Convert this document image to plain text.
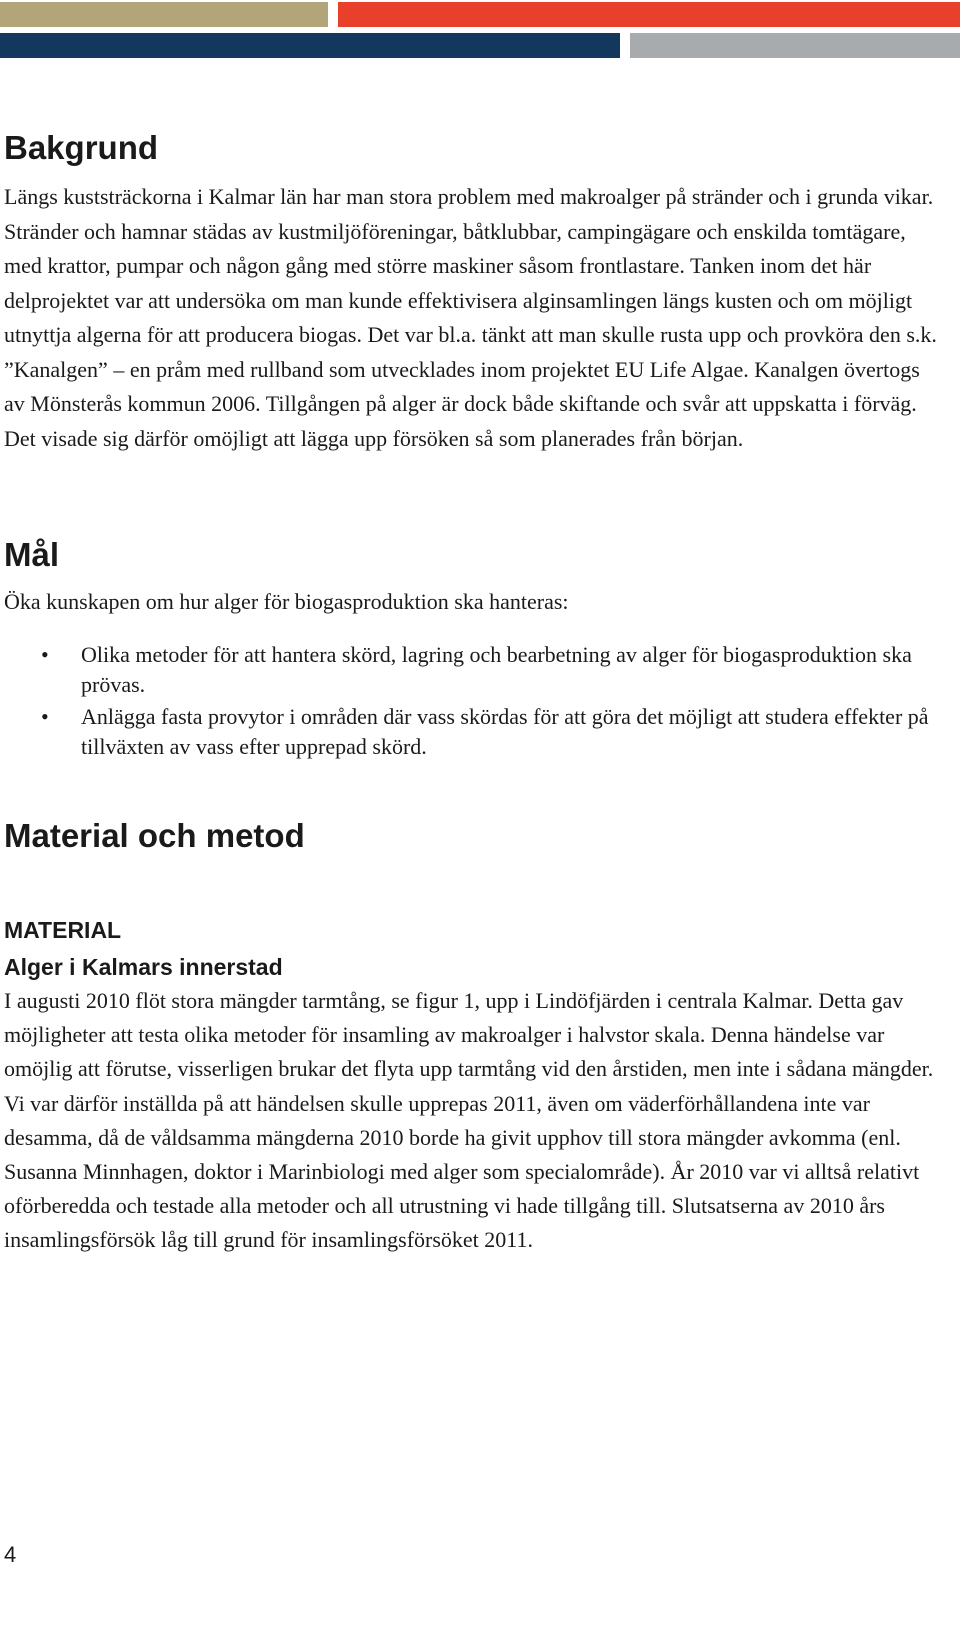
Bakgrund

Längs kuststräckorna i Kalmar län har man stora problem med makroalger på stränder och i grunda vikar. Stränder och hamnar städas av kustmiljöföreningar, båtklubbar, campingägare och enskilda tomtägare, med krattor, pumpar och någon gång med större maskiner såsom frontlastare. Tanken inom det här delprojektet var att undersöka om man kunde effektivisera alginsamlingen längs kusten och om möjligt utnyttja algerna för att producera biogas. Det var bl.a. tänkt att man skulle rusta upp och provköra den s.k. ”Kanalgen” – en pråm med rullband som utvecklades inom projektet EU Life Algae. Kanalgen övertogs av Mönsterås kommun 2006. Tillgången på alger är dock både skiftande och svår att uppskatta i förväg. Det visade sig därför omöjligt att lägga upp försöken så som planerades från början.

Mål

Öka kunskapen om hur alger för biogasproduktion ska hanteras:

• Olika metoder för att hantera skörd, lagring och bearbetning av alger för biogasproduktion ska prövas.
• Anlägga fasta provytor i områden där vass skördas för att göra det möjligt att studera effekter på tillväxten av vass efter upprepad skörd.
Material och metod
MATERIAL
Alger i Kalmars innerstad

I augusti 2010 flöt stora mängder tarmtång, se figur 1, upp i Lindöfjärden i centrala Kalmar. Detta gav möjligheter att testa olika metoder för insamling av makroalger i halvstor skala. Denna händelse var omöjlig att förutse, visserligen brukar det flyta upp tarmtång vid den årstiden, men inte i sådana mängder. Vi var därför inställda på att händelsen skulle upprepas 2011, även om väderförhållandena inte var desamma, då de våldsamma mängderna 2010 borde ha givit upphov till stora mängder avkomma (enl. Susanna Minnhagen, doktor i Marinbiologi med alger som specialområde). År 2010 var vi alltså relativt oförberedda och testade alla metoder och all utrustning vi hade tillgång till. Slutsatserna av 2010 års insamlingsförsök låg till grund för insamlingsförsöket 2011.

4
